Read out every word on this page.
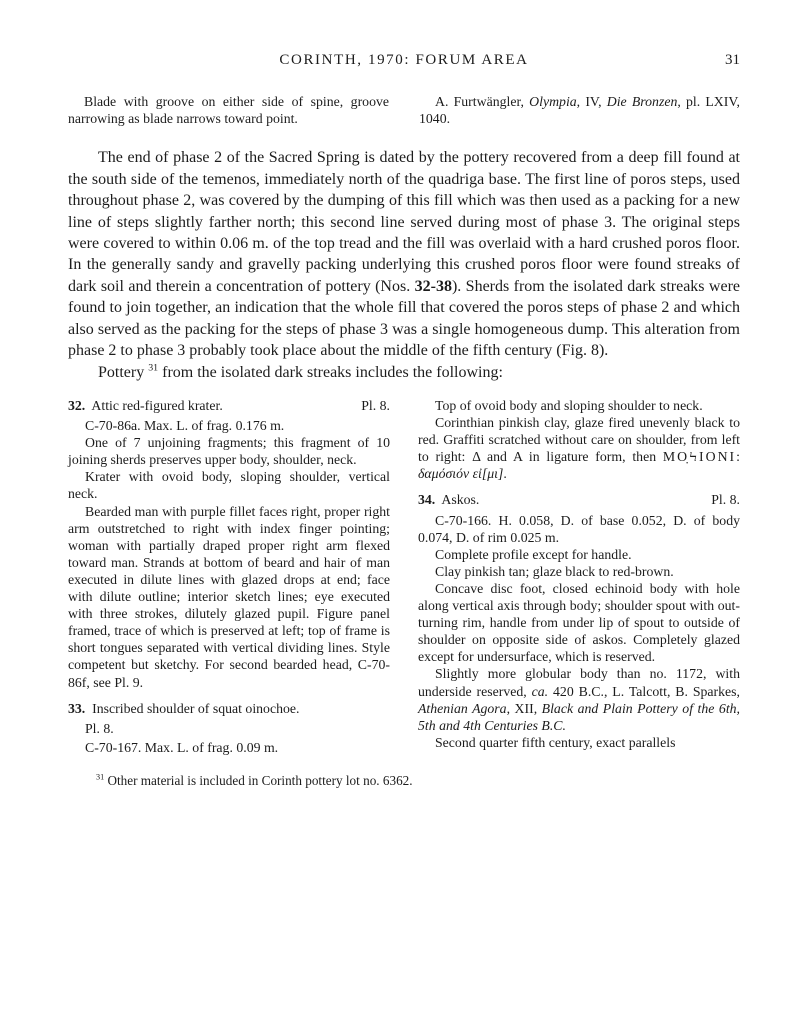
CORINTH, 1970: FORUM AREA	31

Blade with groove on either side of spine, groove narrowing as blade narrows toward point.

A. Furtwängler, Olympia, IV, Die Bronzen, pl. LXIV, 1040.

The end of phase 2 of the Sacred Spring is dated by the pottery recovered from a deep fill found at the south side of the temenos, immediately north of the quadriga base. The first line of poros steps, used throughout phase 2, was covered by the dumping of this fill which was then used as a packing for a new line of steps slightly farther north; this second line served during most of phase 3. The original steps were covered to within 0.06 m. of the top tread and the fill was overlaid with a hard crushed poros floor. In the generally sandy and gravelly packing underlying this crushed poros floor were found streaks of dark soil and therein a concentration of pottery (Nos. 32-38). Sherds from the isolated dark streaks were found to join together, an indication that the whole fill that covered the poros steps of phase 2 and which also served as the packing for the steps of phase 3 was a single homogeneous dump. This alteration from phase 2 to phase 3 probably took place about the middle of the fifth century (Fig. 8).

Pottery $^{31}$ from the isolated dark streaks includes the following:

32. Attic red-figured krater.	Pl. 8.

C-70-86a. Max. L. of frag. 0.176 m.

One of 7 unjoining fragments; this fragment of 10 joining sherds preserves upper body, shoulder, neck.

Krater with ovoid body, sloping shoulder, vertical neck.

Bearded man with purple fillet faces right, proper right arm outstretched to right with index finger pointing; woman with partially draped proper right arm flexed toward man. Strands at bottom of beard and hair of man executed in dilute lines with glazed drops at end; face with dilute outline; interior sketch lines; eye executed with three strokes, dilutely glazed pupil. Figure panel framed, trace of which is preserved at left; top of frame is short tongues separated with vertical dividing lines. Style competent but sketchy. For second bearded head, C-70-86f, see Pl. 9.

33. Inscribed shoulder of squat oinochoe.
Pl. 8.

C-70-167. Max. L. of frag. 0.09 m.

Top of ovoid body and sloping shoulder to neck.

Corinthian pinkish clay, glaze fired unevenly black to red. Graffiti scratched without care on shoulder, from left to right: Δ and A in ligature form, then ΜΟ̣ϞΙΟΝΙ: δαμόσιόν εἰ[μι].

34. Askos.	Pl. 8.

C-70-166. H. 0.058, D. of base 0.052, D. of body 0.074, D. of rim 0.025 m.

Complete profile except for handle.

Clay pinkish tan; glaze black to red-brown.

Concave disc foot, closed echinoid body with hole along vertical axis through body; shoulder spout with out-turning rim, handle from under lip of spout to outside of shoulder on opposite side of askos. Completely glazed except for undersurface, which is reserved.

Slightly more globular body than no. 1172, with underside reserved, ca. 420 B.C., L. Talcott, B. Sparkes, Athenian Agora, XII, Black and Plain Pottery of the 6th, 5th and 4th Centuries B.C.

Second quarter fifth century, exact parallels

$^{31}$ Other material is included in Corinth pottery lot no. 6362.
